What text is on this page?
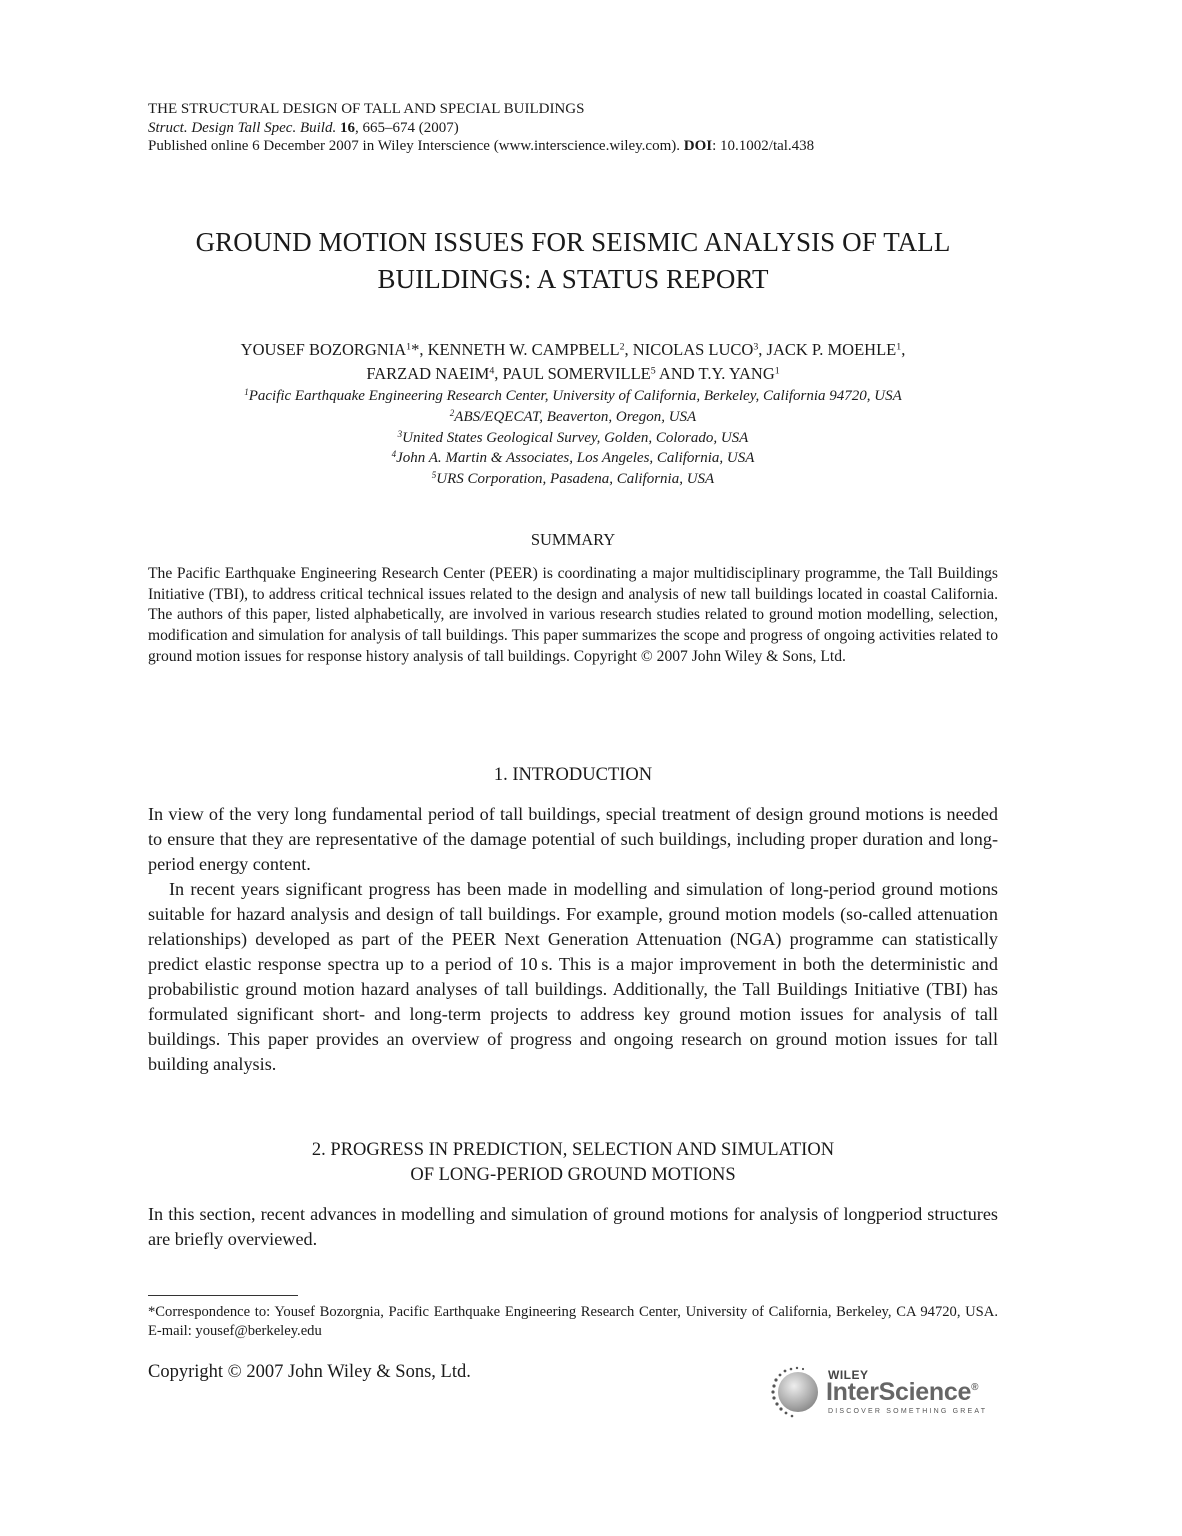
THE STRUCTURAL DESIGN OF TALL AND SPECIAL BUILDINGS
Struct. Design Tall Spec. Build. 16, 665–674 (2007)
Published online 6 December 2007 in Wiley Interscience (www.interscience.wiley.com). DOI: 10.1002/tal.438
GROUND MOTION ISSUES FOR SEISMIC ANALYSIS OF TALL
BUILDINGS: A STATUS REPORT
YOUSEF BOZORGNIA$^1$*, KENNETH W. CAMPBELL$^2$, NICOLAS LUCO$^3$, JACK P. MOEHLE$^1$,
FARZAD NAEIM$^4$, PAUL SOMERVILLE$^5$ AND T.Y. YANG$^1$
$^1$Pacific Earthquake Engineering Research Center, University of California, Berkeley, California 94720, USA
$^2$ABS/EQECAT, Beaverton, Oregon, USA
$^3$United States Geological Survey, Golden, Colorado, USA
$^4$John A. Martin & Associates, Los Angeles, California, USA
$^5$URS Corporation, Pasadena, California, USA
SUMMARY
The Pacific Earthquake Engineering Research Center (PEER) is coordinating a major multidisciplinary programme, the Tall Buildings Initiative (TBI), to address critical technical issues related to the design and analysis of new tall buildings located in coastal California. The authors of this paper, listed alphabetically, are involved in various research studies related to ground motion modelling, selection, modification and simulation for analysis of tall buildings. This paper summarizes the scope and progress of ongoing activities related to ground motion issues for response history analysis of tall buildings. Copyright © 2007 John Wiley & Sons, Ltd.
1. INTRODUCTION

In view of the very long fundamental period of tall buildings, special treatment of design ground motions is needed to ensure that they are representative of the damage potential of such buildings, including proper duration and long-period energy content.

In recent years significant progress has been made in modelling and simulation of long-period ground motions suitable for hazard analysis and design of tall buildings. For example, ground motion models (so-called attenuation relationships) developed as part of the PEER Next Generation Attenuation (NGA) programme can statistically predict elastic response spectra up to a period of 10 s. This is a major improvement in both the deterministic and probabilistic ground motion hazard analyses of tall buildings. Additionally, the Tall Buildings Initiative (TBI) has formulated significant short- and long-term projects to address key ground motion issues for analysis of tall buildings. This paper provides an overview of progress and ongoing research on ground motion issues for tall building analysis.

2. PROGRESS IN PREDICTION, SELECTION AND SIMULATION
OF LONG-PERIOD GROUND MOTIONS

In this section, recent advances in modelling and simulation of ground motions for analysis of longperiod structures are briefly overviewed.

*Correspondence to: Yousef Bozorgnia, Pacific Earthquake Engineering Research Center, University of California, Berkeley, CA 94720, USA. E-mail: yousef@berkeley.edu
Copyright © 2007 John Wiley & Sons, Ltd.	WILEY
InterScience®
DISCOVER SOMETHING GREAT
